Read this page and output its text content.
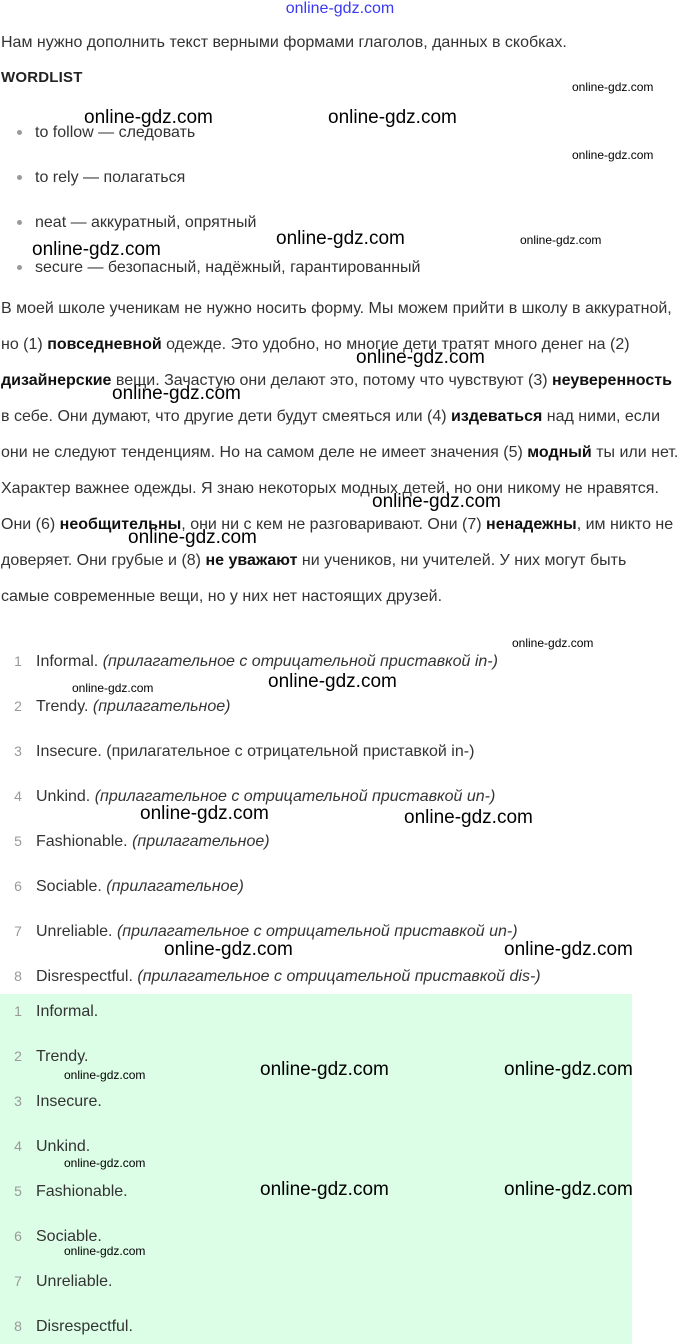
online-gdz.com
Нам нужно дополнить текст верными формами глаголов, данных в скобках.
WORDLIST
to follow — следовать
to rely — полагаться
neat — аккуратный, опрятный
secure — безопасный, надёжный, гарантированный
В моей школе ученикам не нужно носить форму. Мы можем прийти в школу в аккуратной, но (1) повседневной одежде. Это удобно, но многие дети тратят много денег на (2) дизайнерские вещи. Зачастую они делают это, потому что чувствуют (3) неуверенность в себе. Они думают, что другие дети будут смеяться или (4) издеваться над ними, если они не следуют тенденциям. Но на самом деле не имеет значения (5) модный ты или нет. Характер важнее одежды. Я знаю некоторых модных детей, но они никому не нравятся. Они (6) необщительны, они ни с кем не разговаривают. Они (7) ненадежны, им никто не доверяет. Они грубые и (8) не уважают ни учеников, ни учителей. У них могут быть самые современные вещи, но у них нет настоящих друзей.
1 Informal. (прилагательное с отрицательной приставкой in-)
2 Trendy. (прилагательное)
3 Insecure. (прилагательное с отрицательной приставкой in-)
4 Unkind. (прилагательное с отрицательной приставкой un-)
5 Fashionable. (прилагательное)
6 Sociable. (прилагательное)
7 Unreliable. (прилагательное с отрицательной приставкой un-)
8 Disrespectful. (прилагательное с отрицательной приставкой dis-)
1 Informal.
2 Trendy.
3 Insecure.
4 Unkind.
5 Fashionable.
6 Sociable.
7 Unreliable.
8 Disrespectful.
online-gdz.com
online-gdz.com	online-gdz.com
online-gdz.com
online-gdz.com
online-gdz.com	online-gdz.com
online-gdz.com
online-gdz.com
online-gdz.com
online-gdz.com
online-gdz.com
online-gdz.com
online-gdz.com
online-gdz.com	online-gdz.com
online-gdz.com	online-gdz.com
online-gdz.com	online-gdz.com	online-gdz.com
online-gdz.com
online-gdz.com	online-gdz.com
online-gdz.com
